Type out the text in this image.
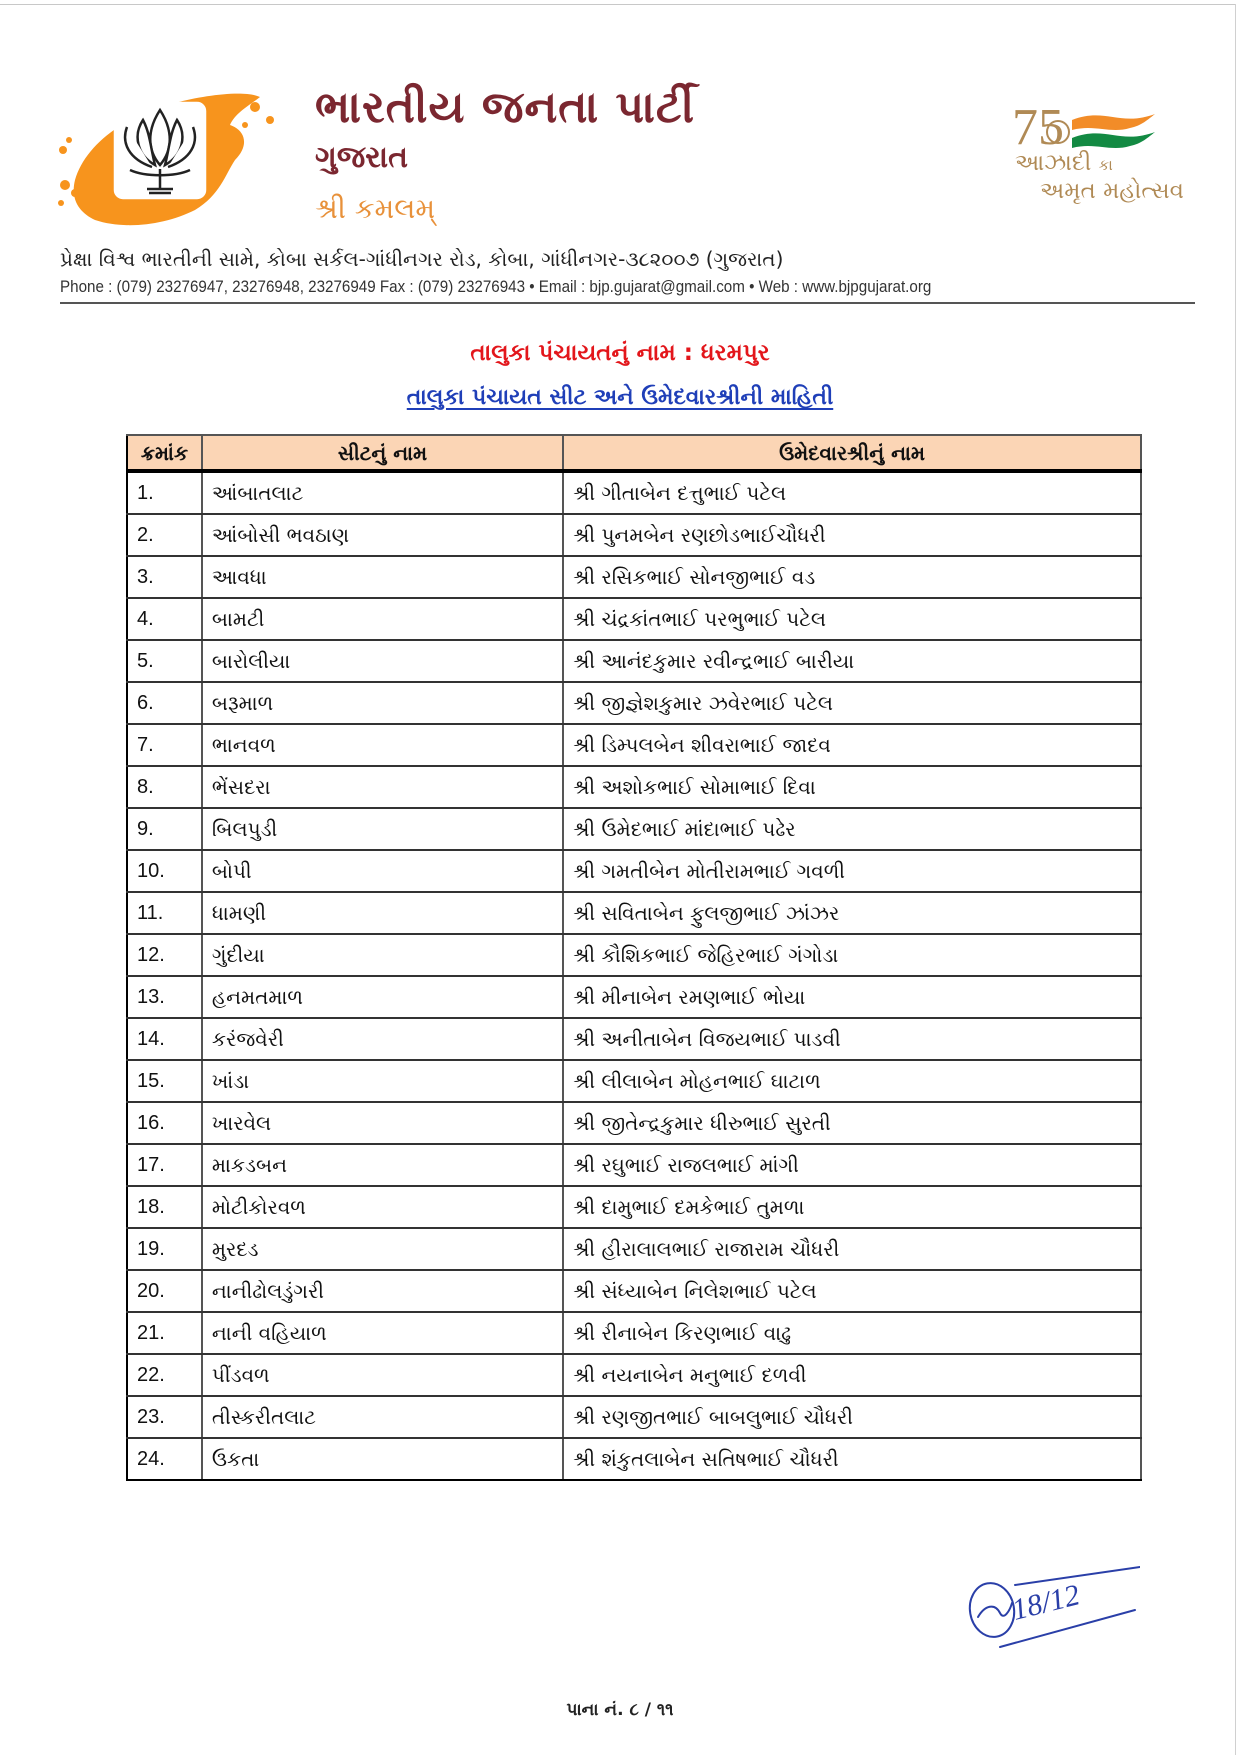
ભારતીય જનતા પાર્ટી
ગુજરાત
શ્રી કમલમ્
75
આઝાદી કા
અમૃત મહોત્સવ
પ્રેક્ષા વિશ્વ ભારતીની સામે, કોબા સર્કલ-ગાંધીનગર રોડ, કોબા, ગાંધીનગર-૩૮૨૦૦૭ (ગુજરાત)
Phone : (079) 23276947, 23276948, 23276949 Fax : (079) 23276943 • Email : bjp.gujarat@gmail.com • Web : www.bjpgujarat.org
તાલુકા પંચાયતનું નામ : ધરમપુર
તાલુકા પંચાયત સીટ અને ઉમેદવારશ્રીની માહિતી
ક્રમાંક	સીટનું નામ	ઉમેદવારશ્રીનું નામ
1.	આંબાતલાટ	શ્રી ગીતાબેન દત્તુભાઈ પટેલ
2.	આંબોસી ભવઠાણ	શ્રી પુનમબેન રણછોડભાઈચૌધરી
3.	આવધા	શ્રી રસિકભાઈ સોનજીભાઈ વડ
4.	બામટી	શ્રી ચંદ્રકાંતભાઈ પરભુભાઈ પટેલ
5.	બારોલીયા	શ્રી આનંદકુમાર રવીન્દ્રભાઈ બારીયા
6.	બરૂમાળ	શ્રી જીજ્ઞેશકુમાર ઝવેરભાઈ પટેલ
7.	ભાનવળ	શ્રી ડિમ્પલબેન શીવરાભાઈ જાદવ
8.	ભેંસદરા	શ્રી અશોકભાઈ સોમાભાઈ દિવા
9.	બિલપુડી	શ્રી ઉમેદભાઈ માંદાભાઈ પઢેર
10.	બોપી	શ્રી ગમતીબેન મોતીરામભાઈ ગવળી
11.	ધામણી	શ્રી સવિતાબેન ફુલજીભાઈ ઝાંઝર
12.	ગુંદીયા	શ્રી કૌશિકભાઈ જેહિરભાઈ ગંગોડા
13.	હનમતમાળ	શ્રી મીનાબેન રમણભાઈ ભોયા
14.	કરંજવેરી	શ્રી અનીતાબેન વિજયભાઈ પાડવી
15.	ખાંડા	શ્રી લીલાબેન મોહનભાઈ ઘાટાળ
16.	ખારવેલ	શ્રી જીતેન્દ્રકુમાર ધીરુભાઈ સુરતી
17.	માકડબન	શ્રી રઘુભાઈ રાજલભાઈ માંગી
18.	મોટીકોરવળ	શ્રી દામુભાઈ દમકેભાઈ તુમળા
19.	મુરદડ	શ્રી હીરાલાલભાઈ રાજારામ ચૌધરી
20.	નાનીઢોલડુંગરી	શ્રી સંધ્યાબેન નિલેશભાઈ પટેલ
21.	નાની વહિયાળ	શ્રી રીનાબેન કિરણભાઈ વાઢુ
22.	પીંડવળ	શ્રી નયનાબેન મનુભાઈ દળવી
23.	તીસ્કરીતલાટ	શ્રી રણજીતભાઈ બાબલુભાઈ ચૌધરી
24.	ઉકતા	શ્રી શંકુતલાબેન સતિષભાઈ ચૌધરી
18/12
પાના નં. ૮ / ૧૧
